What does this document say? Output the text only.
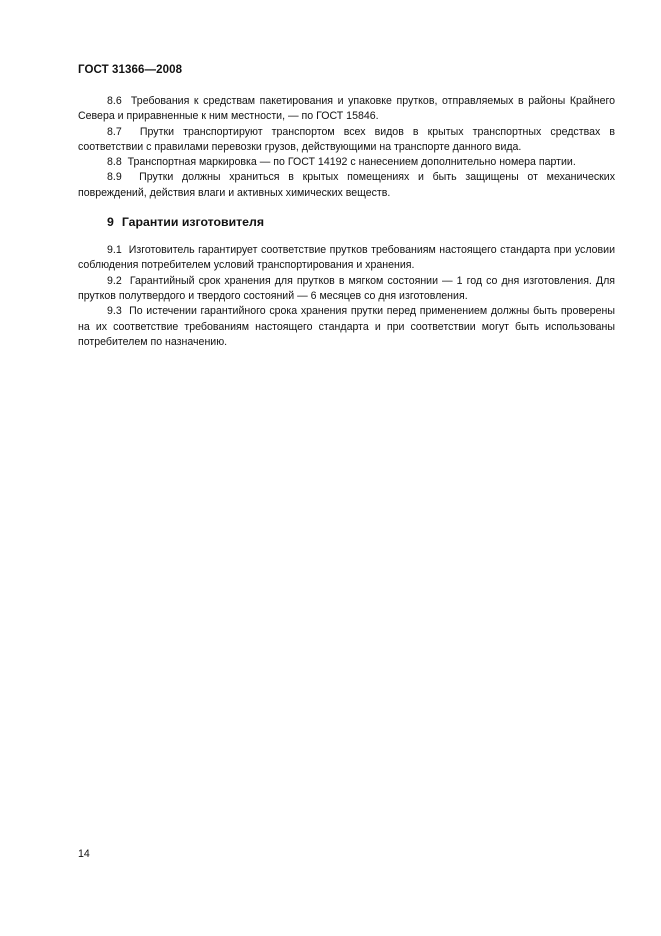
ГОСТ 31366—2008

8.6 Требования к средствам пакетирования и упаковке прутков, отправляемых в районы Крайнего Севера и приравненные к ним местности, — по ГОСТ 15846.

8.7 Прутки транспортируют транспортом всех видов в крытых транспортных средствах в соответствии с правилами перевозки грузов, действующими на транспорте данного вида.

8.8 Транспортная маркировка — по ГОСТ 14192 с нанесением дополнительно номера партии.

8.9 Прутки должны храниться в крытых помещениях и быть защищены от механических повреждений, действия влаги и активных химических веществ.

9 Гарантии изготовителя

9.1 Изготовитель гарантирует соответствие прутков требованиям настоящего стандарта при условии соблюдения потребителем условий транспортирования и хранения.

9.2 Гарантийный срок хранения для прутков в мягком состоянии — 1 год со дня изготовления. Для прутков полутвердого и твердого состояний — 6 месяцев со дня изготовления.

9.3 По истечении гарантийного срока хранения прутки перед применением должны быть проверены на их соответствие требованиям настоящего стандарта и при соответствии могут быть использованы потребителем по назначению.

14
